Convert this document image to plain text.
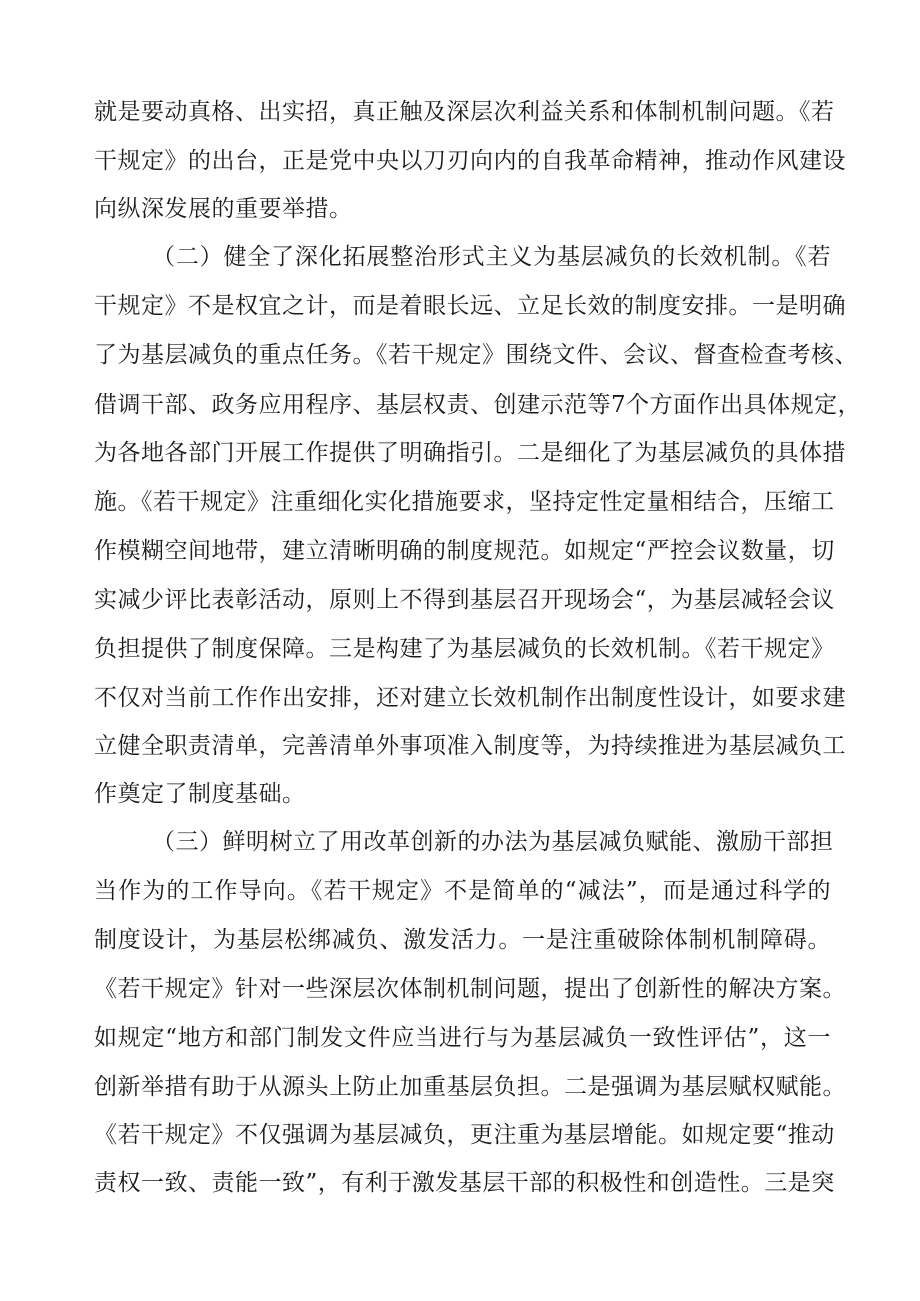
就是要动真格、出实招，真正触及深层次利益关系和体制机制问题。《若
干规定》的出台，正是党中央以刀刃向内的自我革命精神，推动作风建设
向纵深发展的重要举措。
（二）健全了深化拓展整治形式主义为基层减负的长效机制。《若
干规定》不是权宜之计，而是着眼长远、立足长效的制度安排。一是明确
了为基层减负的重点任务。《若干规定》围绕文件、会议、督查检查考核、
借调干部、政务应用程序、基层权责、创建示范等7个方面作出具体规定，
为各地各部门开展工作提供了明确指引。二是细化了为基层减负的具体措
施。《若干规定》注重细化实化措施要求，坚持定性定量相结合，压缩工
作模糊空间地带，建立清晰明确的制度规范。如规定“严控会议数量，切
实减少评比表彰活动，原则上不得到基层召开现场会“，为基层减轻会议
负担提供了制度保障。三是构建了为基层减负的长效机制。《若干规定》
不仅对当前工作作出安排，还对建立长效机制作出制度性设计，如要求建
立健全职责清单，完善清单外事项准入制度等，为持续推进为基层减负工
作奠定了制度基础。
（三）鲜明树立了用改革创新的办法为基层减负赋能、激励干部担
当作为的工作导向。《若干规定》不是简单的“减法”，而是通过科学的
制度设计，为基层松绑减负、激发活力。一是注重破除体制机制障碍。
《若干规定》针对一些深层次体制机制问题，提出了创新性的解决方案。
如规定“地方和部门制发文件应当进行与为基层减负一致性评估”，这一
创新举措有助于从源头上防止加重基层负担。二是强调为基层赋权赋能。
《若干规定》不仅强调为基层减负，更注重为基层增能。如规定要“推动
责权一致、责能一致”，有利于激发基层干部的积极性和创造性。三是突
